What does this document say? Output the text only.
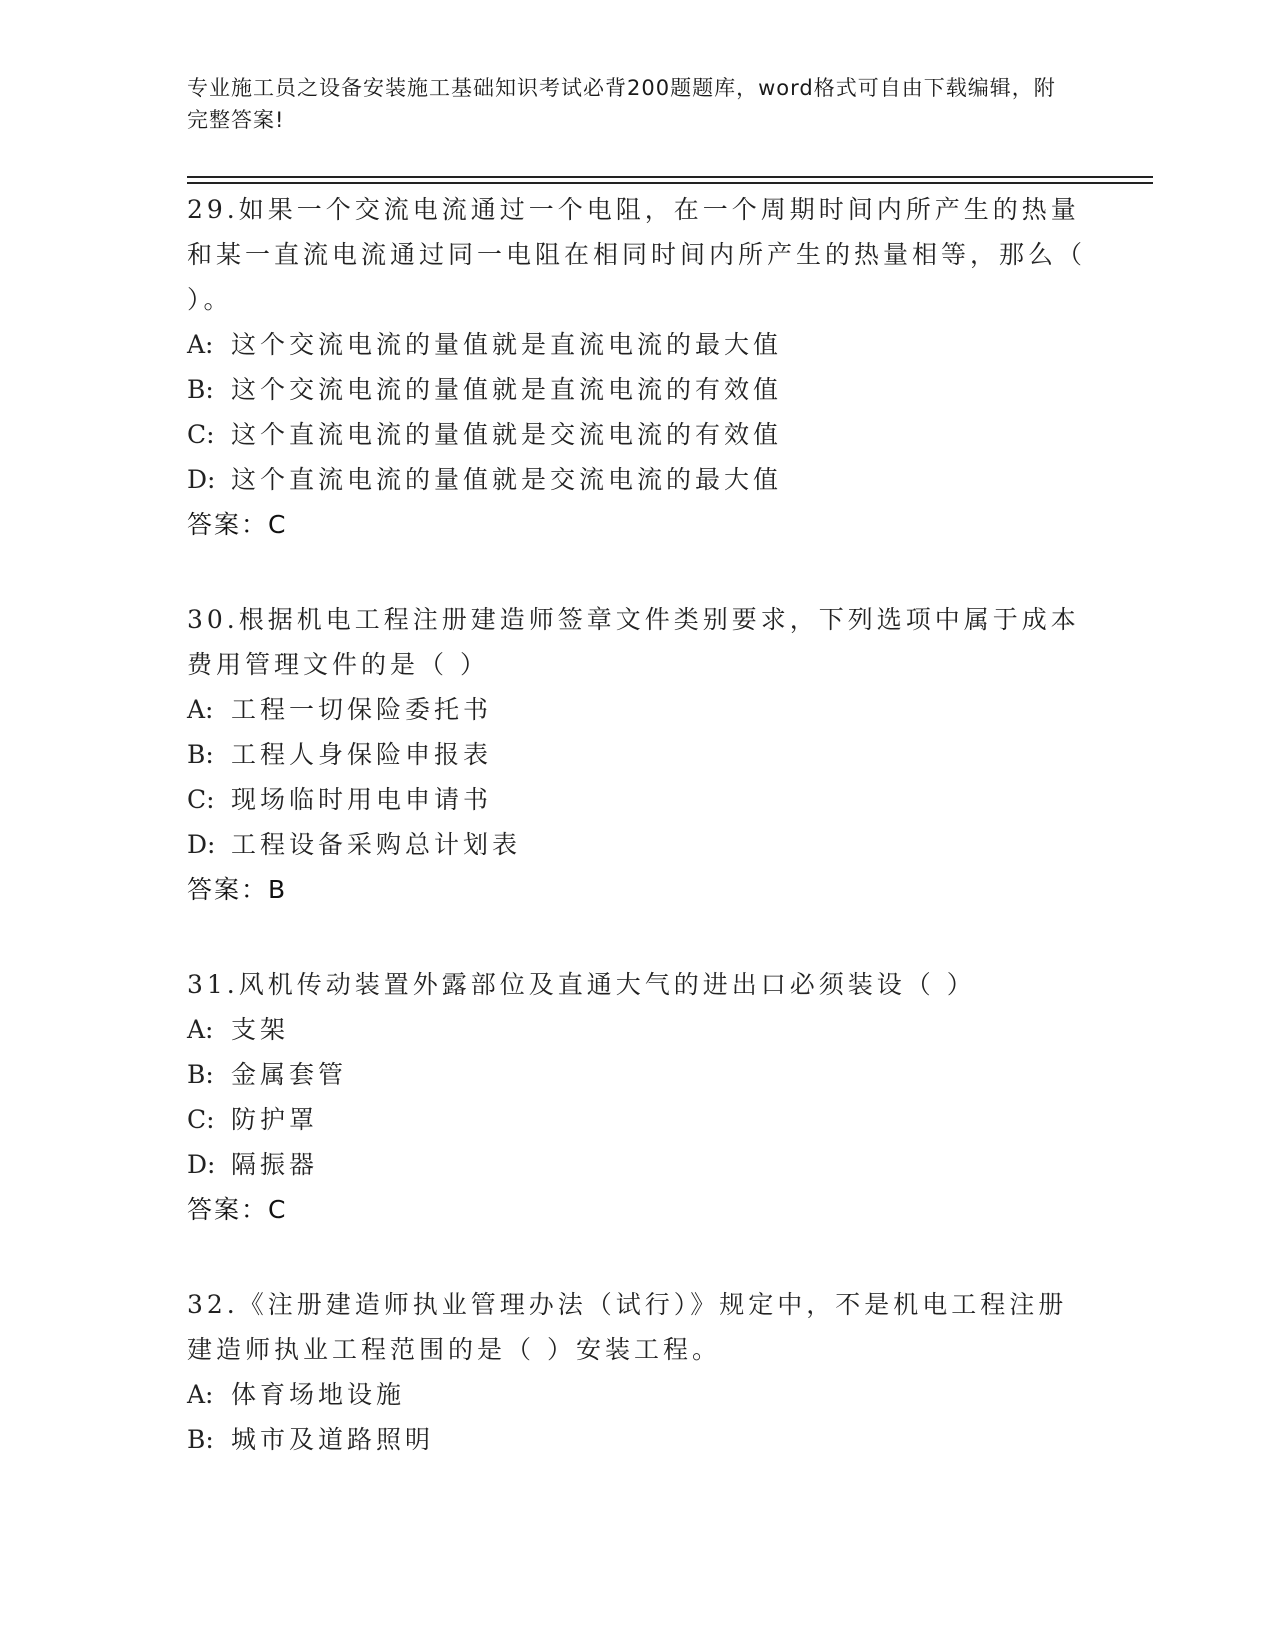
专业施工员之设备安装施工基础知识考试必背200题题库，word格式可自由下载编辑，附完整答案!
29.如果一个交流电流通过一个电阻，在一个周期时间内所产生的热量和某一直流电流通过同一电阻在相同时间内所产生的热量相等，那么（ ）。
A: 这个交流电流的量值就是直流电流的最大值
B: 这个交流电流的量值就是直流电流的有效值
C: 这个直流电流的量值就是交流电流的有效值
D: 这个直流电流的量值就是交流电流的最大值
答案：C
30.根据机电工程注册建造师签章文件类别要求，下列选项中属于成本费用管理文件的是（ ）
A: 工程一切保险委托书
B: 工程人身保险申报表
C: 现场临时用电申请书
D: 工程设备采购总计划表
答案：B
31.风机传动装置外露部位及直通大气的进出口必须装设（ ）
A: 支架
B: 金属套管
C: 防护罩
D: 隔振器
答案：C
32.《注册建造师执业管理办法（试行）》规定中，不是机电工程注册建造师执业工程范围的是（ ）安装工程。
A: 体育场地设施
B: 城市及道路照明
